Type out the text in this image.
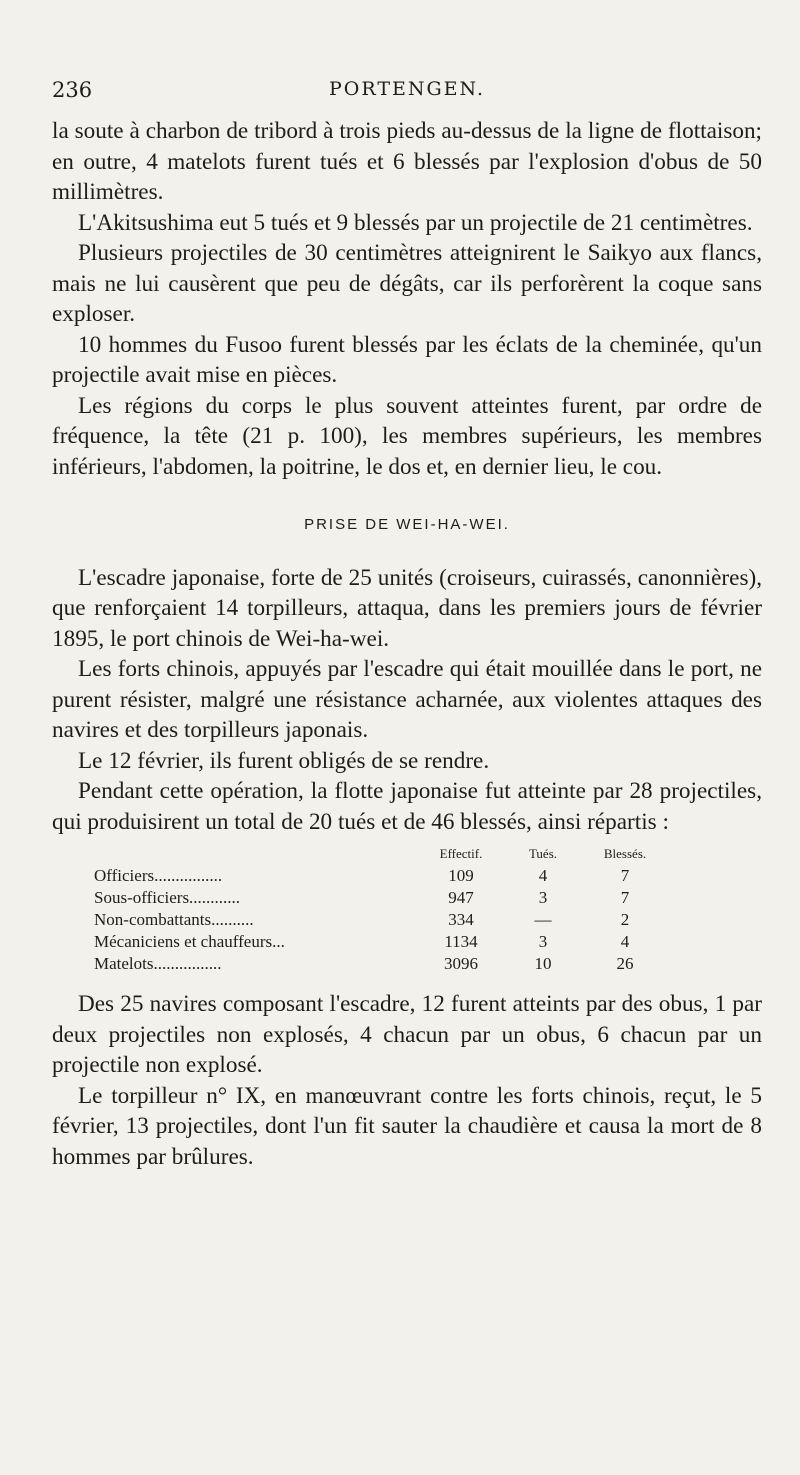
236	PORTENGEN.

la soute à charbon de tribord à trois pieds au-dessus de la ligne de flottaison; en outre, 4 matelots furent tués et 6 blessés par l'explosion d'obus de 50 millimètres.

L'Akitsushima eut 5 tués et 9 blessés par un projectile de 21 centimètres.

Plusieurs projectiles de 30 centimètres atteignirent le Saikyo aux flancs, mais ne lui causèrent que peu de dégâts, car ils perforèrent la coque sans exploser.

10 hommes du Fusoo furent blessés par les éclats de la cheminée, qu'un projectile avait mise en pièces.

Les régions du corps le plus souvent atteintes furent, par ordre de fréquence, la tête (21 p. 100), les membres supérieurs, les membres inférieurs, l'abdomen, la poitrine, le dos et, en dernier lieu, le cou.

PRISE DE WEI-HA-WEI.

L'escadre japonaise, forte de 25 unités (croiseurs, cuirassés, canonnières), que renforçaient 14 torpilleurs, attaqua, dans les premiers jours de février 1895, le port chinois de Wei-ha-wei.

Les forts chinois, appuyés par l'escadre qui était mouillée dans le port, ne purent résister, malgré une résistance acharnée, aux violentes attaques des navires et des torpilleurs japonais.

Le 12 février, ils furent obligés de se rendre.

Pendant cette opération, la flotte japonaise fut atteinte par 28 projectiles, qui produisirent un total de 20 tués et de 46 blessés, ainsi répartis :

	Effectif.	Tués.	Blessés.
Officiers................	109	4	7
Sous-officiers............	947	3	7
Non-combattants..........	334	—	2
Mécaniciens et chauffeurs...	1134	3	4
Matelots................	3096	10	26

Des 25 navires composant l'escadre, 12 furent atteints par des obus, 1 par deux projectiles non explosés, 4 chacun par un obus, 6 chacun par un projectile non explosé.

Le torpilleur n° IX, en manœuvrant contre les forts chinois, reçut, le 5 février, 13 projectiles, dont l'un fit sauter la chaudière et causa la mort de 8 hommes par brûlures.
